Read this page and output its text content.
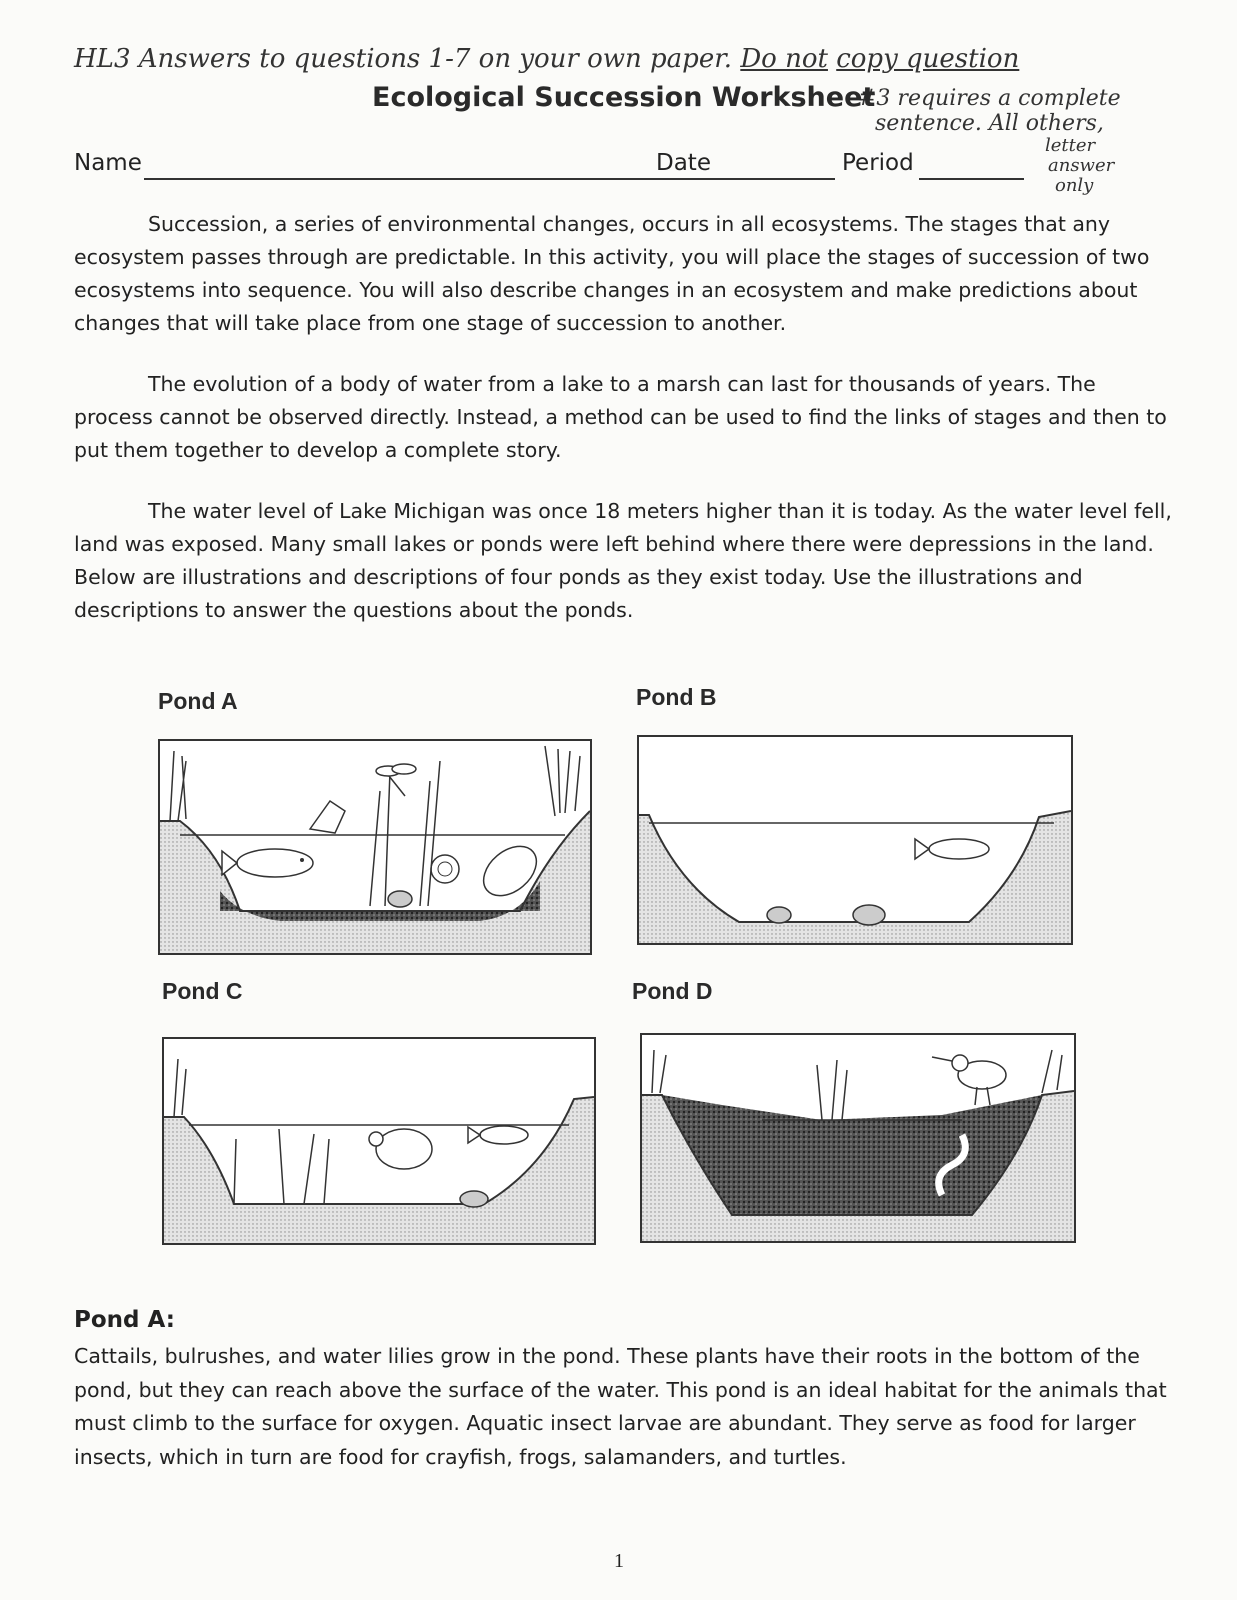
HL3 Answers to questions 1-7 on your own paper. Do not copy question
#3 requires a complete
sentence. All others,
letter
answer
only
Ecological Succession Worksheet
Name	Date	Period

Succession, a series of environmental changes, occurs in all ecosystems. The stages that any ecosystem passes through are predictable. In this activity, you will place the stages of succession of two ecosystems into sequence. You will also describe changes in an ecosystem and make predictions about changes that will take place from one stage of succession to another.

The evolution of a body of water from a lake to a marsh can last for thousands of years. The process cannot be observed directly. Instead, a method can be used to find the links of stages and then to put them together to develop a complete story.

The water level of Lake Michigan was once 18 meters higher than it is today. As the water level fell, land was exposed. Many small lakes or ponds were left behind where there were depressions in the land. Below are illustrations and descriptions of four ponds as they exist today. Use the illustrations and descriptions to answer the questions about the ponds.

Pond A	Pond B
Pond C	Pond D
Pond A:

Cattails, bulrushes, and water lilies grow in the pond. These plants have their roots in the bottom of the pond, but they can reach above the surface of the water. This pond is an ideal habitat for the animals that must climb to the surface for oxygen. Aquatic insect larvae are abundant. They serve as food for larger insects, which in turn are food for crayfish, frogs, salamanders, and turtles.

1
